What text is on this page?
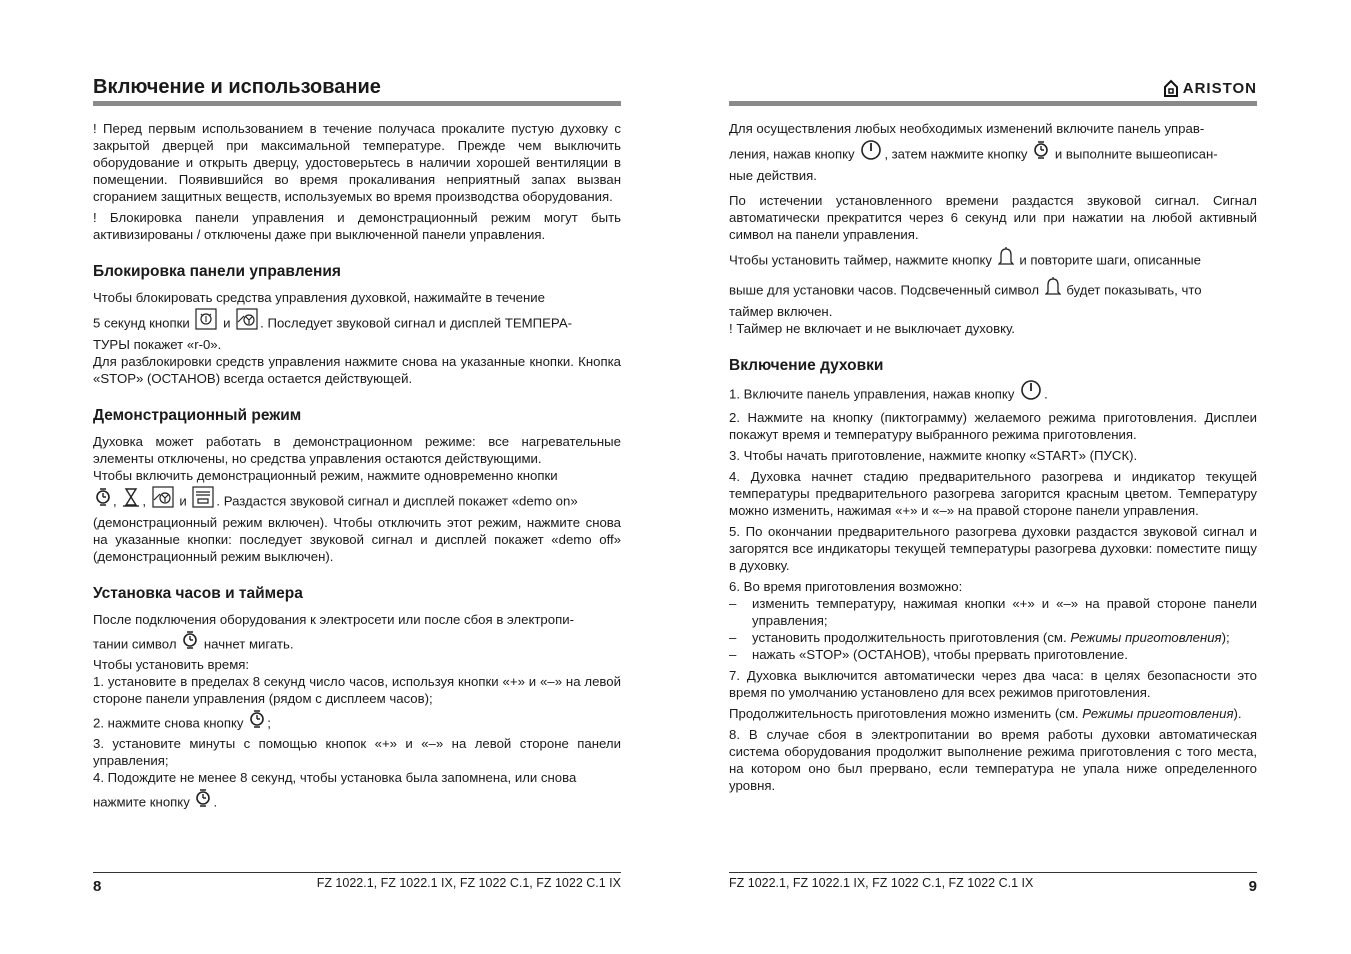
Включение и использование

! Перед первым использованием в течение получаса прокалите пустую духовку с закрытой дверцей при максимальной температуре. Прежде чем выключить оборудование и открыть дверцу, удостоверьтесь в наличии хорошей вентиляции в помещении. Появившийся во время прокаливания неприятный запах вызван сгоранием защитных веществ, используемых во время производства оборудования.

! Блокировка панели управления и демонстрационный режим могут быть активизированы / отключены даже при выключенной панели управления.

Блокировка панели управления

Чтобы блокировать средства управления духовкой, нажимайте в течение

5 секунд кнопки	и . Последует звуковой сигнал и дисплей ТЕМПЕРА-

ТУРЫ покажет «r-0».

Для разблокировки средств управления нажмите снова на указанные кнопки. Кнопка «STOP» (ОСТАНОВ) всегда остается действующей.

Демонстрационный режим

Духовка может работать в демонстрационном режиме: все нагревательные элементы отключены, но средства управления остаются действующими.

Чтобы включить демонстрационный режим, нажмите одновременно кнопки

, ,	и . Раздастся звуковой сигнал и дисплей покажет «demo on»

(демонстрационный режим включен). Чтобы отключить этот режим, нажмите снова на указанные кнопки: последует звуковой сигнал и дисплей покажет «demo off» (демонстрационный режим выключен).

Установка часов и таймера

После подключения оборудования к электросети или после сбоя в электропи-

тании символ начнет мигать.

Чтобы установить время:

1. установите в пределах 8 секунд число часов, используя кнопки «+» и «–» на левой стороне панели управления (рядом с дисплеем часов);

2. нажмите снова кнопку ;

3. установите минуты с помощью кнопок «+» и «–» на левой стороне панели управления;

4. Подождите не менее 8 секунд, чтобы установка была запомнена, или снова

нажмите кнопку .

8	FZ 1022.1, FZ 1022.1 IX, FZ 1022 C.1, FZ 1022 C.1 IX
ARISTON

Для осуществления любых необходимых изменений включите панель управ-

ления, нажав кнопку , затем нажмите кнопку и выполните вышеописан-

ные действия.

По истечении установленного времени раздастся звуковой сигнал. Сигнал автоматически прекратится через 6 секунд или при нажатии на любой активный символ на панели управления.

Чтобы установить таймер, нажмите кнопку и повторите шаги, описанные

выше для установки часов. Подсвеченный символ будет показывать, что

таймер включен.

! Таймер не включает и не выключает духовку.

Включение духовки

1. Включите панель управления, нажав кнопку .

2. Нажмите на кнопку (пиктограмму) желаемого режима приготовления. Дисплеи покажут время и температуру выбранного режима приготовления.

3. Чтобы начать приготовление, нажмите кнопку «START» (ПУСК).

4. Духовка начнет стадию предварительного разогрева и индикатор текущей температуры предварительного разогрева загорится красным цветом. Температуру можно изменить, нажимая «+» и «–» на правой стороне панели управления.

5. По окончании предварительного разогрева духовки раздастся звуковой сигнал и загорятся все индикаторы текущей температуры разогрева духовки: поместите пищу в духовку.

6. Во время приготовления возможно:

– изменить температуру, нажимая кнопки «+» и «–» на правой стороне панели управления;
– установить продолжительность приготовления (см. Режимы приготовления);
– нажать «STOP» (ОСТАНОВ), чтобы прервать приготовление.

7. Духовка выключится автоматически через два часа: в целях безопасности это время по умолчанию установлено для всех режимов приготовления.

Продолжительность приготовления можно изменить (см. Режимы приготовления).

8. В случае сбоя в электропитании во время работы духовки автоматическая система оборудования продолжит выполнение режима приготовления с того места, на котором оно был прервано, если температура не упала ниже определенного уровня.

FZ 1022.1, FZ 1022.1 IX, FZ 1022 C.1, FZ 1022 C.1 IX	9
